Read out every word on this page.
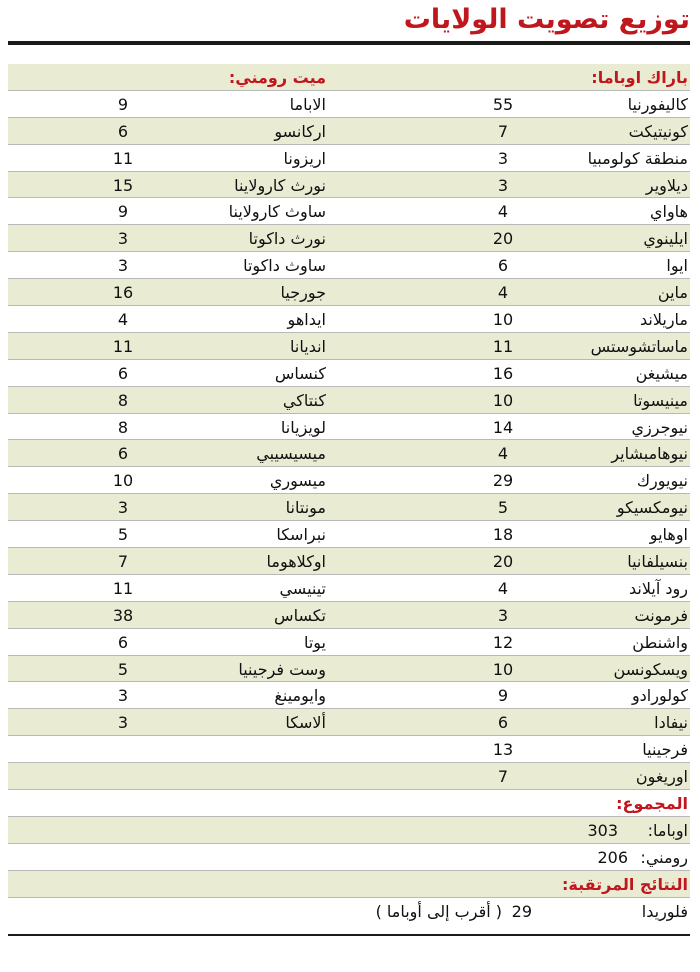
توزيع تصويت الولايات
باراك اوباما:
ميت رومني:
كاليفورنيا
55
الاباما
9
كونيتيكت
7
اركانسو
6
منطقة كولومبيا
3
اريزونا
11
ديلاوير
3
نورث كارولاينا
15
هاواي
4
ساوث كارولاينا
9
ايلينوي
20
نورث داكوتا
3
ايوا
6
ساوث داكوتا
3
ماين
4
جورجيا
16
ماريلاند
10
ايداهو
4
ماساتشوستس
11
انديانا
11
ميشيغن
16
كنساس
6
مينيسوتا
10
كنتاكي
8
نيوجرزي
14
لويزيانا
8
نيوهامبشاير
4
ميسيسيبي
6
نيويورك
29
ميسوري
10
نيومكسيكو
5
مونتانا
3
اوهايو
18
نبراسكا
5
بنسيلفانيا
20
اوكلاهوما
7
رود آيلاند
4
تينيسي
11
فرمونت
3
تكساس
38
واشنطن
12
يوتا
6
ويسكونسن
10
وست فرجينيا
5
كولورادو
9
وايومينغ
3
نيفادا
6
ألاسكا
3
فرجينيا
13
اوريغون
7
المجموع:
اوباما:
303
رومني:
206
النتائج المرتقبة:
فلوريدا
29
( أقرب إلى أوباما )
